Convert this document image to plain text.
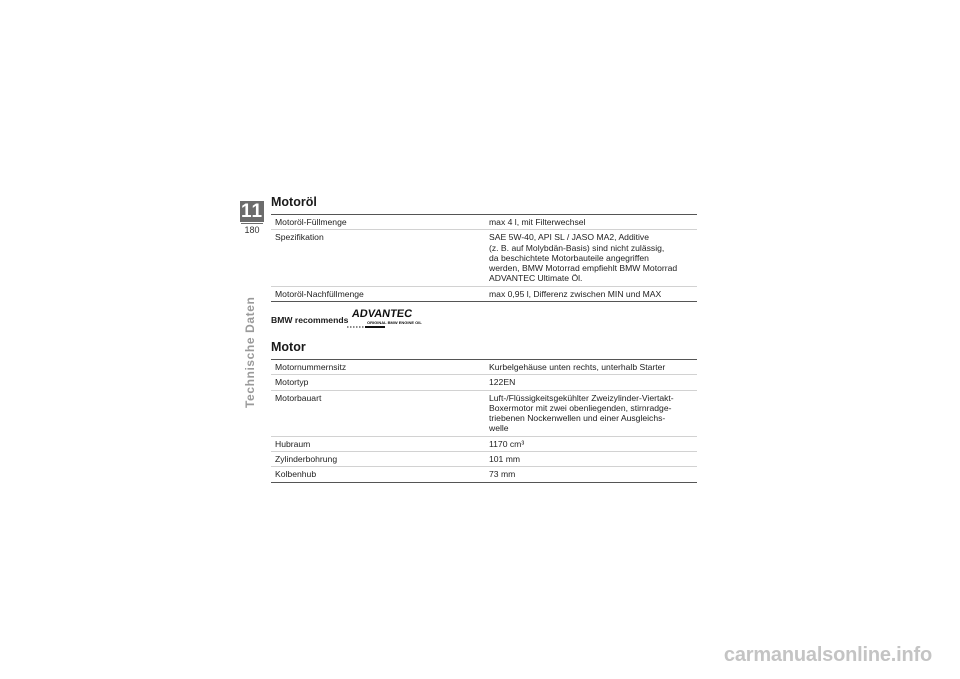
11
180
Technische Daten
Motoröl
Motoröl-Füllmenge	max 4 l, mit Filterwechsel
Spezifikation	SAE 5W-40, API SL / JASO MA2, Additive
(z. B. auf Molybdän-Basis) sind nicht zulässig,
da beschichtete Motorbauteile angegriffen
werden, BMW Motorrad empfiehlt BMW Motorrad
ADVANTEC Ultimate Öl.
Motoröl-Nachfüllmenge	max 0,95 l, Differenz zwischen MIN und MAX
BMW recommends
ADVANTEC
ORIGINAL BMW ENGINE OIL
Motor
Motornummernsitz	Kurbelgehäuse unten rechts, unterhalb Starter
Motortyp	122EN
Motorbauart	Luft-/Flüssigkeitsgekühlter Zweizylinder-Viertakt-
Boxermotor mit zwei obenliegenden, stirnradge-
triebenen Nockenwellen und einer Ausgleichs-
welle
Hubraum	1170 cm³
Zylinderbohrung	101 mm
Kolbenhub	73 mm
carmanualsonline.info
